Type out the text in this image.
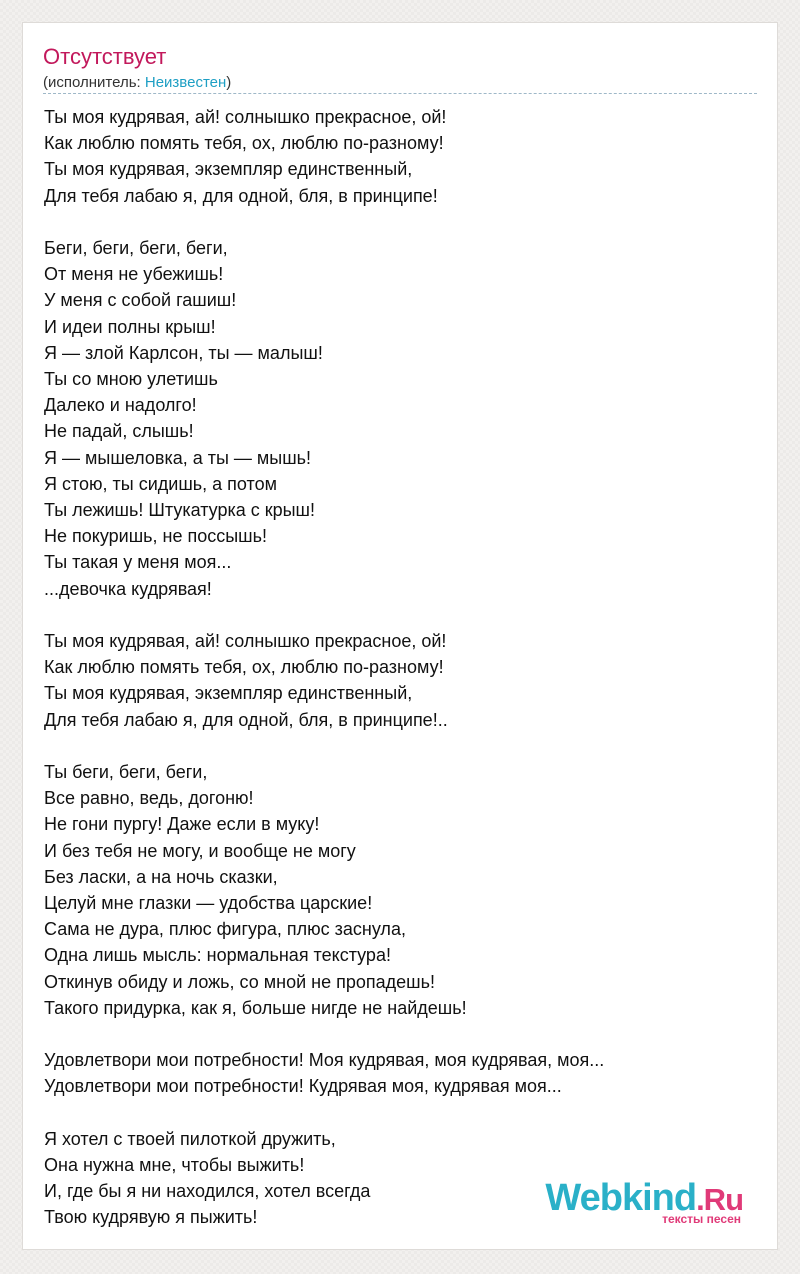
Отсутствует
(исполнитель: Неизвестен)
Ты моя кудрявая, ай! солнышко прекрасное, ой!
Как люблю помять тебя, ох, люблю по-разному!
Ты моя кудрявая, экземпляр единственный,
Для тебя лабаю я, для одной, бля, в принципе!
Беги, беги, беги, беги,
От меня не убежишь!
У меня с собой гашиш!
И идеи полны крыш!
Я — злой Карлсон, ты — малыш!
Ты со мною улетишь
Далеко и надолго!
Не падай, слышь!
Я — мышеловка, а ты — мышь!
Я стою, ты сидишь, а потом
Ты лежишь! Штукатурка с крыш!
Не покуришь, не поссышь!
Ты такая у меня моя...
...девочка кудрявая!
Ты моя кудрявая, ай! солнышко прекрасное, ой!
Как люблю помять тебя, ох, люблю по-разному!
Ты моя кудрявая, экземпляр единственный,
Для тебя лабаю я, для одной, бля, в принципе!..
Ты беги, беги, беги,
Все равно, ведь, догоню!
Не гони пургу! Даже если в муку!
И без тебя не могу, и вообще не могу
Без ласки, а на ночь сказки,
Целуй мне глазки — удобства царские!
Сама не дура, плюс фигура, плюс заснула,
Одна лишь мысль: нормальная текстура!
Откинув обиду и ложь, со мной не пропадешь!
Такого придурка, как я, больше нигде не найдешь!
Удовлетвори мои потребности! Моя кудрявая, моя кудрявая, моя...
Удовлетвори мои потребности! Кудрявая моя, кудрявая моя...
Я хотел с твоей пилоткой дружить,
Она нужна мне, чтобы выжить!
И, где бы я ни находился, хотел всегда
Твою кудрявую я пыжить!	Webkind.Ru
тексты песен
